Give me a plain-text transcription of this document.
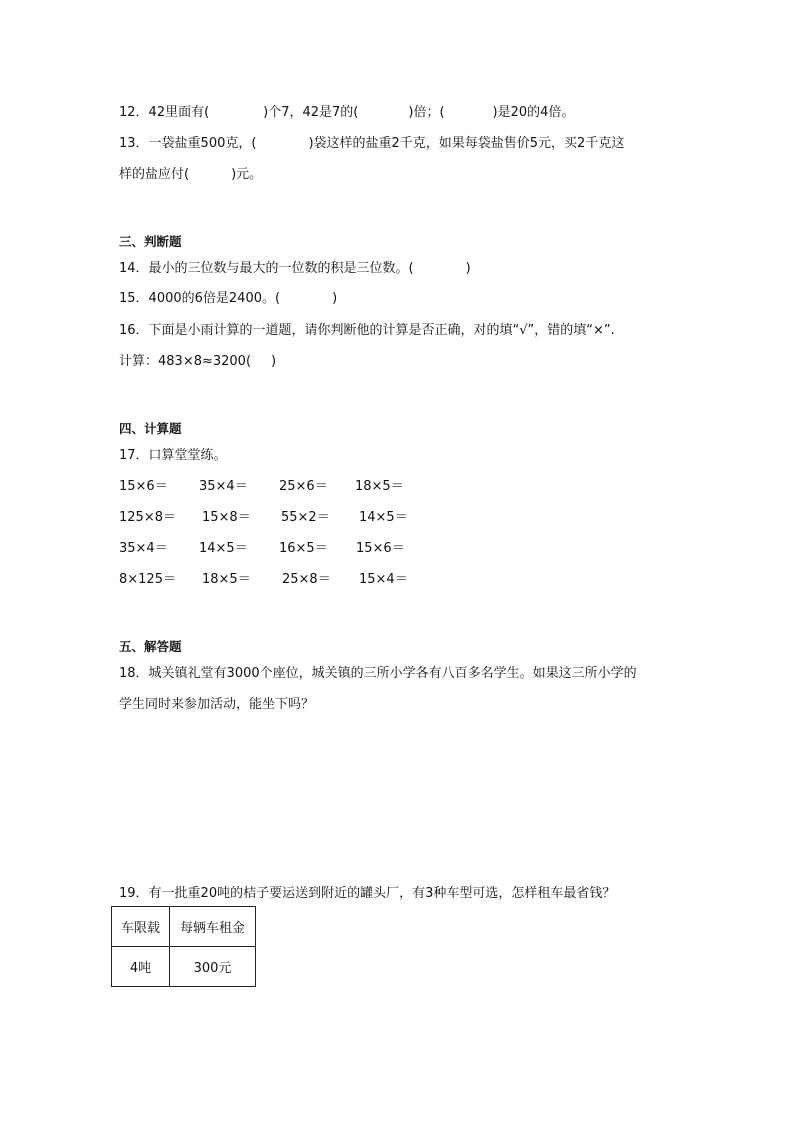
12．42里面有(	)个7，42是7的(	)倍；(	)是20的4倍。
13．一袋盐重500克，(	)袋这样的盐重2千克，如果每袋盐售价5元，买2千克这
样的盐应付(	)元。
三、判断题
14．最小的三位数与最大的一位数的积是三位数。(	)
15．4000的6倍是2400。(	)
16．下面是小雨计算的一道题，请你判断他的计算是否正确，对的填“√”，错的填“×”.
计算：483×8≈3200( )
四、计算题
17．口算堂堂练。
15×6＝ 35×4＝ 25×6＝ 18×5＝
125×8＝ 15×8＝ 55×2＝ 14×5＝
35×4＝ 14×5＝ 16×5＝ 15×6＝
8×125＝ 18×5＝ 25×8＝ 15×4＝
五、解答题
18．城关镇礼堂有3000个座位，城关镇的三所小学各有八百多名学生。如果这三所小学的
学生同时来参加活动，能坐下吗？
19．有一批重20吨的桔子要运送到附近的罐头厂，有3种车型可选，怎样租车最省钱？
车限载	每辆车租金
4吨	300元
